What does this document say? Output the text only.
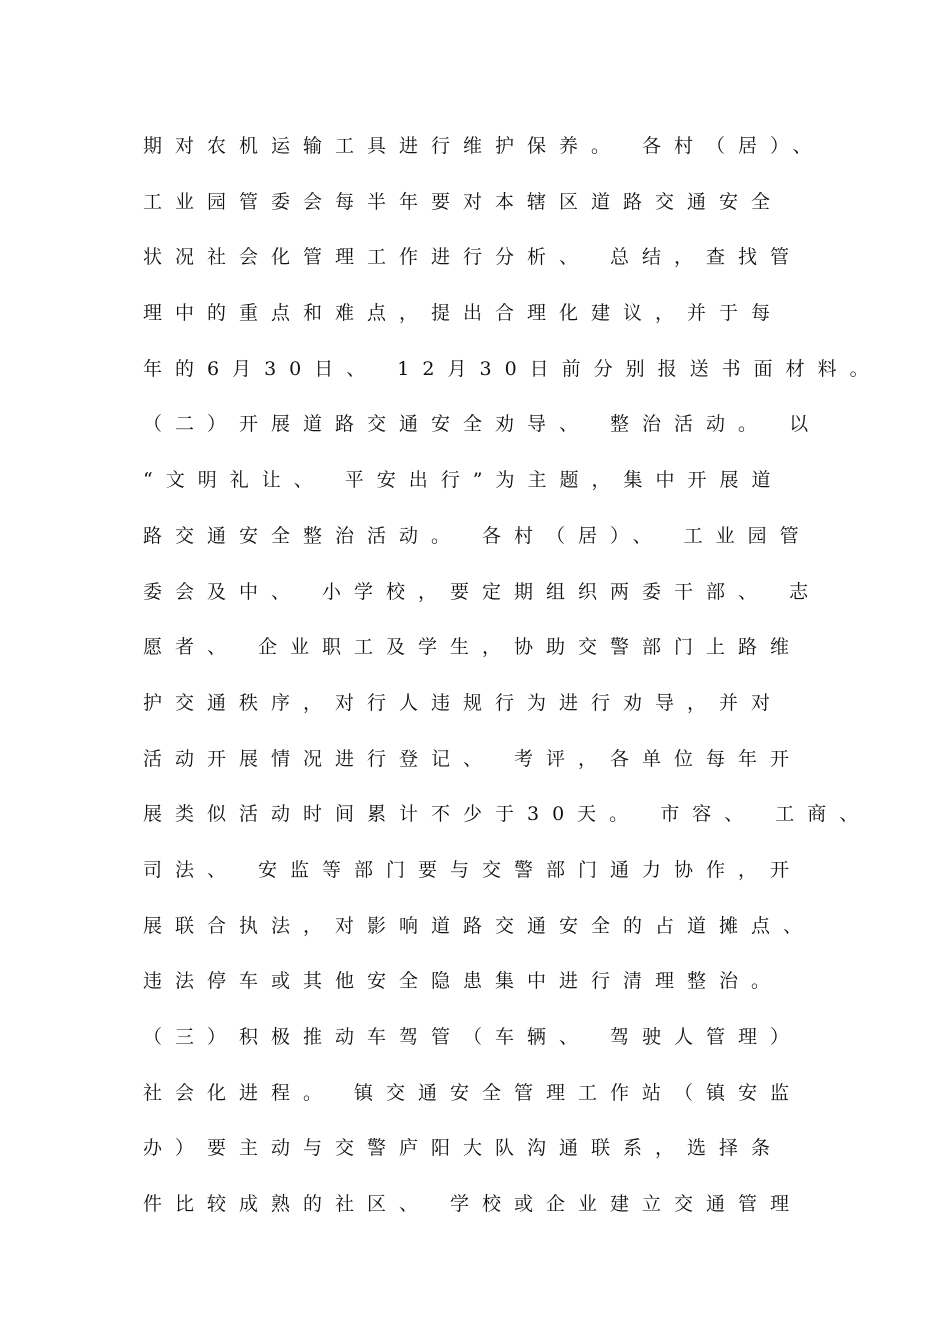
期对农机运输工具进行维护保养。 各村（居）、
工业园管委会每半年要对本辖区道路交通安全
状况社会化管理工作进行分析、 总结，查找管
理中的重点和难点，提出合理化建议，并于每
年的6月30日、 12月30日前分别报送书面材料。
（二）开展道路交通安全劝导、 整治活动。 以
“文明礼让、 平安出行”为主题，集中开展道
路交通安全整治活动。 各村（居）、 工业园管
委会及中、 小学校，要定期组织两委干部、 志
愿者、 企业职工及学生，协助交警部门上路维
护交通秩序，对行人违规行为进行劝导，并对
活动开展情况进行登记、 考评，各单位每年开
展类似活动时间累计不少于30天。 市容、 工商、
司法、 安监等部门要与交警部门通力协作，开
展联合执法，对影响道路交通安全的占道摊点、
违法停车或其他安全隐患集中进行清理整治。
（三）积极推动车驾管（车辆、 驾驶人管理）
社会化进程。 镇交通安全管理工作站（镇安监
办）要主动与交警庐阳大队沟通联系，选择条
件比较成熟的社区、 学校或企业建立交通管理
